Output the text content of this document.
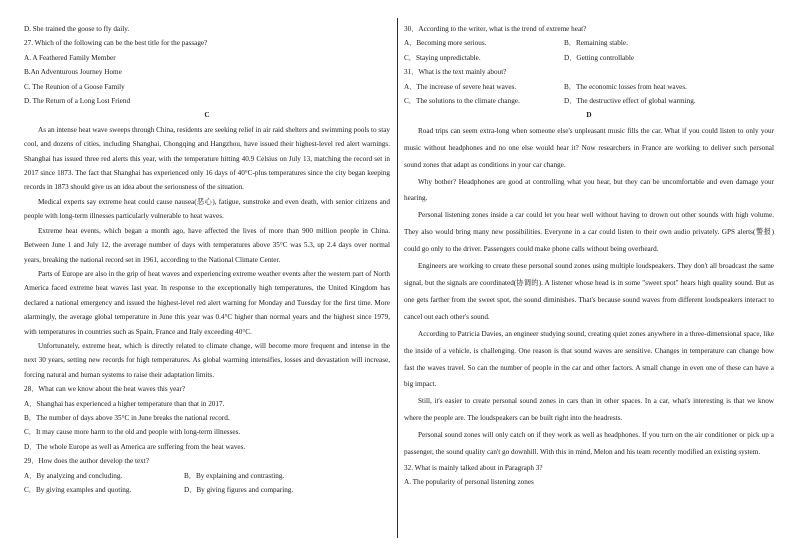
D. She trained the goose to fly daily.
27. Which of the following can be the best title for the passage?
A. A Feathered Family Member
B.An Adventurous Journey Home
C. The Reunion of a Goose Family
D. The Return of a Long Lost Friend
C

As an intense heat wave sweeps through China, residents are seeking relief in air raid shelters and swimming pools to stay cool, and dozens of cities, including Shanghai, Chongqing and Hangzhou, have issued their highest-level red alert warnings. Shanghai has issued three red alerts this year, with the temperature hitting 40.9 Celsius on July 13, matching the record set in 2017 since 1873. The fact that Shanghai has experienced only 16 days of 40°C-plus temperatures since the city began keeping records in 1873 should give us an idea about the seriousness of the situation.

Medical experts say extreme heat could cause nausea(恶心), fatigue, sunstroke and even death, with senior citizens and people with long-term illnesses particularly vulnerable to heat waves.

Extreme heat events, which began a month ago, have affected the lives of more than 900 million people in China. Between June 1 and July 12, the average number of days with temperatures above 35°C was 5.3, up 2.4 days over normal years, breaking the national record set in 1961, according to the National Climate Center.

Parts of Europe are also in the grip of heat waves and experiencing extreme weather events after the western part of North America faced extreme heat waves last year. In response to the exceptionally high temperatures, the United Kingdom has declared a national emergency and issued the highest-level red alert warning for Monday and Tuesday for the first time. More alarmingly, the average global temperature in June this year was 0.4°C higher than normal years and the highest since 1979, with temperatures in countries such as Spain, France and Italy exceeding 40°C.

Unfortunately, extreme heat, which is directly related to climate change, will become more frequent and intense in the next 30 years, setting new records for high temperatures. As global warming intensifies, losses and devastation will increase, forcing natural and human systems to raise their adaptation limits.

28．What can we know about the heat waves this year?
A．Shanghai has experienced a higher temperature than that in 2017.
B．The number of days above 35°C in June breaks the national record.
C．It may cause more harm to the old and people with long-term illnesses.
D．The whole Europe as well as America are suffering from the heat waves.
29．How does the author develop the text?
A．By analyzing and concluding.	B．By explaining and contrasting.
C．By giving examples and quoting.	D．By giving figures and comparing.
30．According to the writer, what is the trend of extreme heat?
A．Becoming more serious.	B．Remaining stable.
C．Staying unpredictable.	D．Getting controllable
31．What is the text mainly about?
A．The increase of severe heat waves.	B．The economic losses from heat waves.
C．The solutions to the climate change.	D．The destructive effect of global warming.
D

Road trips can seem extra-long when someone else's unpleasant music fills the car. What if you could listen to only your music without headphones and no one else would hear it? Now researchers in France are working to deliver such personal sound zones that adapt as conditions in your car change.

Why bother? Headphones are good at controlling what you hear, but they can be uncomfortable and even damage your hearing.

Personal listening zones inside a car could let you hear well without having to drown out other sounds with high volume. They also would bring many new possibilities. Everyone in a car could listen to their own audio privately. GPS alerts(警报) could go only to the driver. Passengers could make phone calls without being overheard.

Engineers are working to create these personal sound zones using multiple loudspeakers. They don't all broadcast the same signal, but the signals are coordinated(协调的). A listener whose head is in some "sweet spot" hears high quality sound. But as one gets farther from the sweet spot, the sound diminishes. That's because sound waves from different loudspeakers interact to cancel out each other's sound.

According to Patricia Davies, an engineer studying sound, creating quiet zones anywhere in a three-dimensional space, like the inside of a vehicle, is challenging. One reason is that sound waves are sensitive. Changes in temperature can change how fast the waves travel. So can the number of people in the car and other factors. A small change in even one of these can have a big impact.

Still, it's easier to create personal sound zones in cars than in other spaces. In a car, what's interesting is that we know where the people are. The loudspeakers can be built right into the headrests.

Personal sound zones will only catch on if they work as well as headphones. If you turn on the air conditioner or pick up a passenger, the sound quality can't go downhill. With this in mind, Melon and his team recently modified an existing system.

32. What is mainly talked about in Paragraph 3?
A. The popularity of personal listening zones
